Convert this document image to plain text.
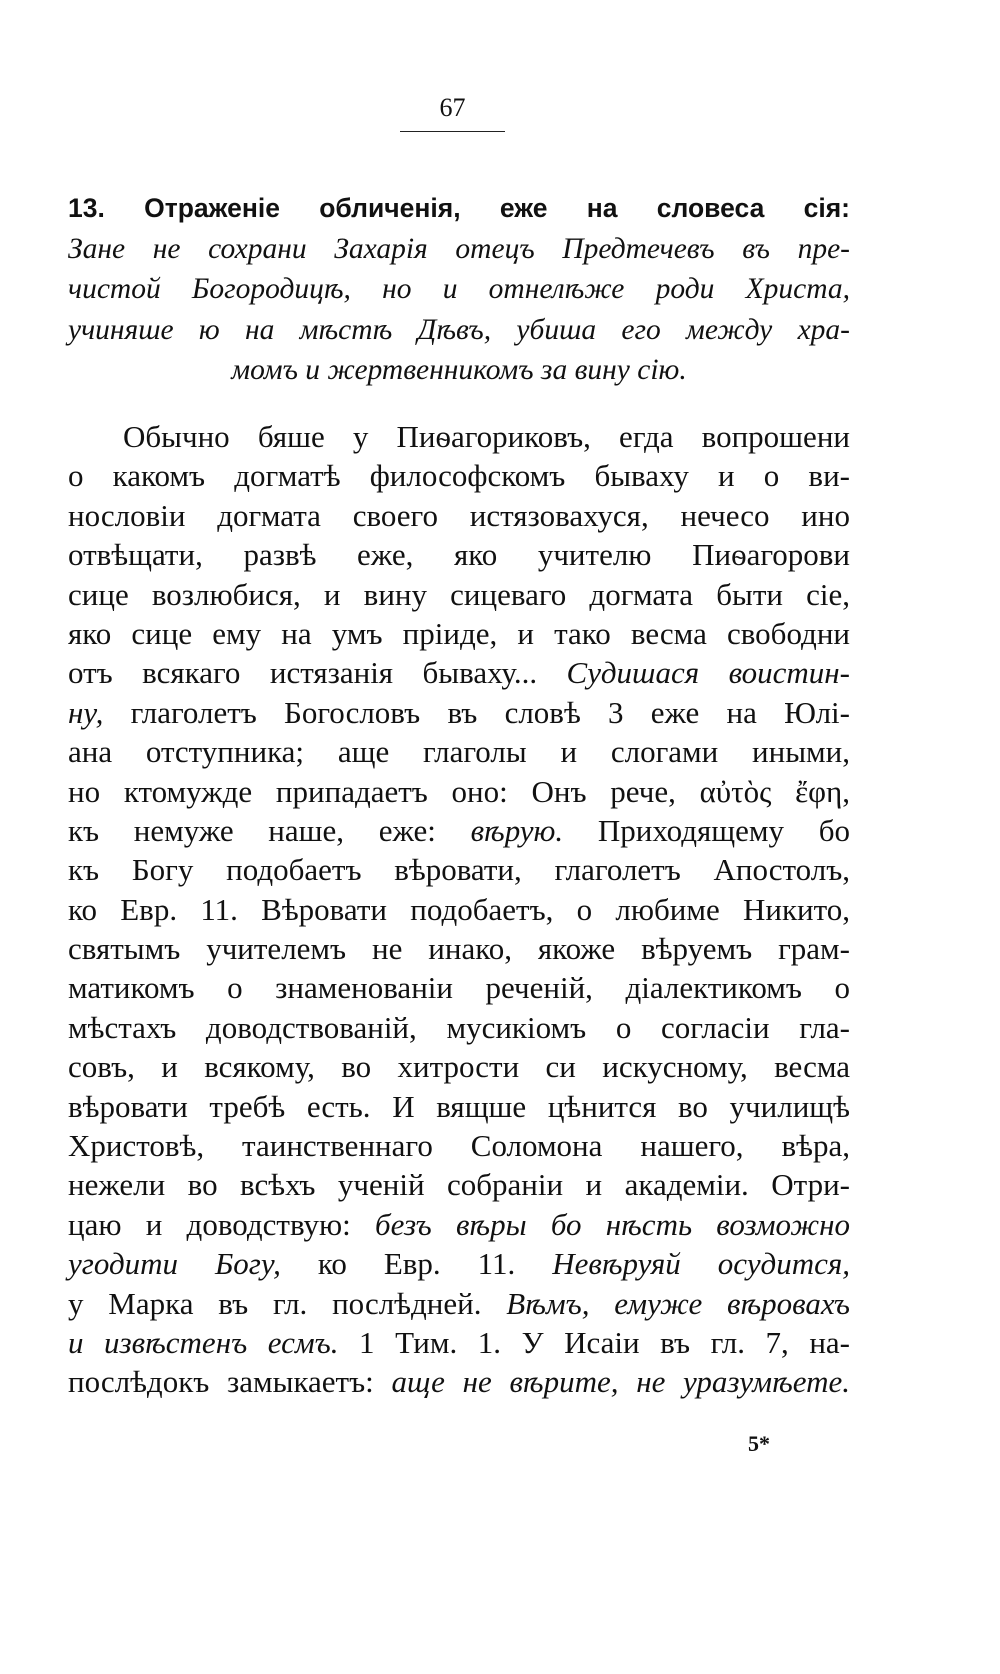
67
13. Отраженіе обличенія, еже на словеса сія:
Зане не сохрани Захарія отецъ Предтечевъ въ пре-
чистой Богородицѣ, но и отнелѣже роди Христа,
учиняше ю на мѣстѣ Дѣвъ, убиша его между хра-
момъ и жертвенникомъ за вину сію.
Обычно бяше у Пиѳагориковъ, егда вопрошени
о какомъ догматѣ философскомъ бываху и о ви-
нословіи догмата своего истязовахуся, нечесо ино
отвѣщати, развѣ еже, яко учителю Пиѳагорови
сице возлюбися, и вину сицеваго догмата быти сіе,
яко сице ему на умъ пріиде, и тако весма свободни
отъ всякаго истязанія бываху... Судишася воистин-
ну, глаголетъ Богословъ въ словѣ 3 еже на Юлі-
ана отступника; аще глаголы и слогами иными,
но ктомужде припадаетъ оно: Онъ рече, αὐτὸς ἔφη,
къ немуже наше, еже: вѣрую. Приходящему бо
къ Богу подобаетъ вѣровати, глаголетъ Апостолъ,
ко Евр. 11. Вѣровати подобаетъ, о любиме Никито,
святымъ учителемъ не инако, якоже вѣруемъ грам-
матикомъ о знаменованіи реченій, діалектикомъ о
мѣстахъ доводствованій, мусикіомъ о согласіи гла-
совъ, и всякому, во хитрости си искусному, весма
вѣровати требѣ есть. И вящше цѣнится во училищѣ
Христовѣ, таинственнаго Соломона нашего, вѣра,
нежели во всѣхъ ученій собраніи и академіи. Отри-
цаю и доводствую: безъ вѣры бо нѣсть возможно
угодити Богу, ко Евр. 11. Невѣруяй осудится,
у Марка въ гл. послѣдней. Вѣмъ, емуже вѣровахъ
и извѣстенъ есмъ. 1 Тим. 1. У Исаіи въ гл. 7, на-
послѣдокъ замыкаетъ: аще не вѣрите, не уразумѣете.
5*
